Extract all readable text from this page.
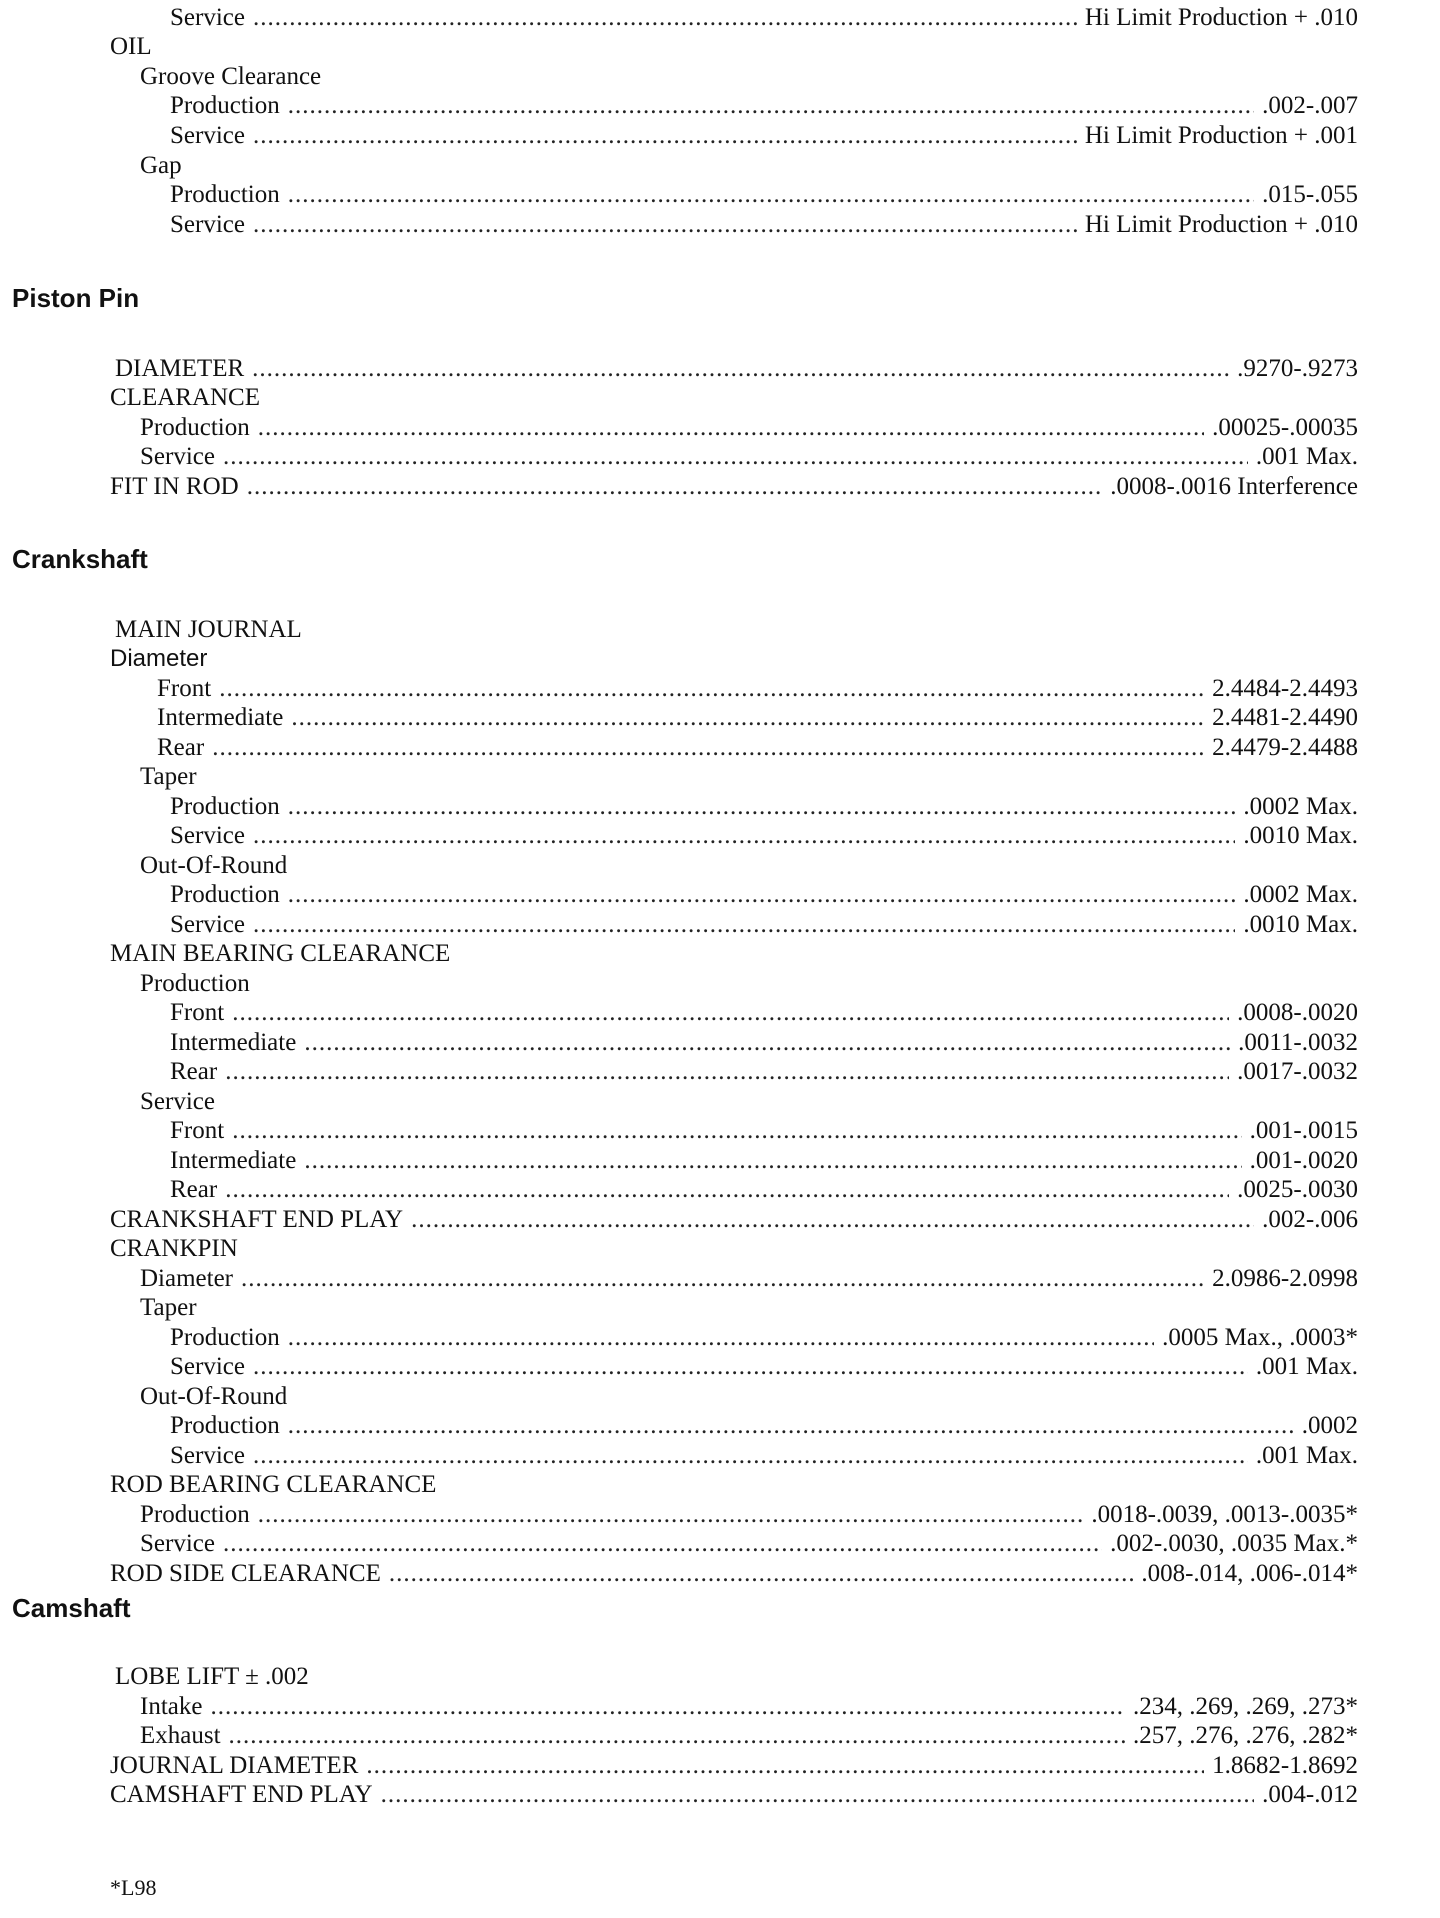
Service .....	Hi Limit Production + .010
OIL
Groove Clearance
Production .....	.002-.007
Service .....	Hi Limit Production + .001
Gap
Production .....	.015-.055
Service .....	Hi Limit Production + .010
Piston Pin
DIAMETER .....	.9270-.9273
CLEARANCE
Production .....	.00025-.00035
Service .....	.001 Max.
FIT IN ROD .....	.0008-.0016 Interference
Crankshaft
MAIN JOURNAL
Diameter
Front .....	2.4484-2.4493
Intermediate .....	2.4481-2.4490
Rear .....	2.4479-2.4488
Taper
Production .....	.0002 Max.
Service .....	.0010 Max.
Out-Of-Round
Production .....	.0002 Max.
Service .....	.0010 Max.
MAIN BEARING CLEARANCE
Production
Front .....	.0008-.0020
Intermediate .....	.0011-.0032
Rear .....	.0017-.0032
Service
Front .....	.001-.0015
Intermediate .....	.001-.0020
Rear .....	.0025-.0030
CRANKSHAFT END PLAY .....	.002-.006
CRANKPIN
Diameter .....	2.0986-2.0998
Taper
Production .....	.0005 Max., .0003*
Service .....	.001 Max.
Out-Of-Round
Production .....	.0002
Service .....	.001 Max.
ROD BEARING CLEARANCE
Production .....	.0018-.0039, .0013-.0035*
Service .....	.002-.0030, .0035 Max.*
ROD SIDE CLEARANCE .....	.008-.014, .006-.014*
Camshaft
LOBE LIFT ± .002
Intake .....	.234, .269, .269, .273*
Exhaust .....	.257, .276, .276, .282*
JOURNAL DIAMETER .....	1.8682-1.8692
CAMSHAFT END PLAY .....	.004-.012
*L98
